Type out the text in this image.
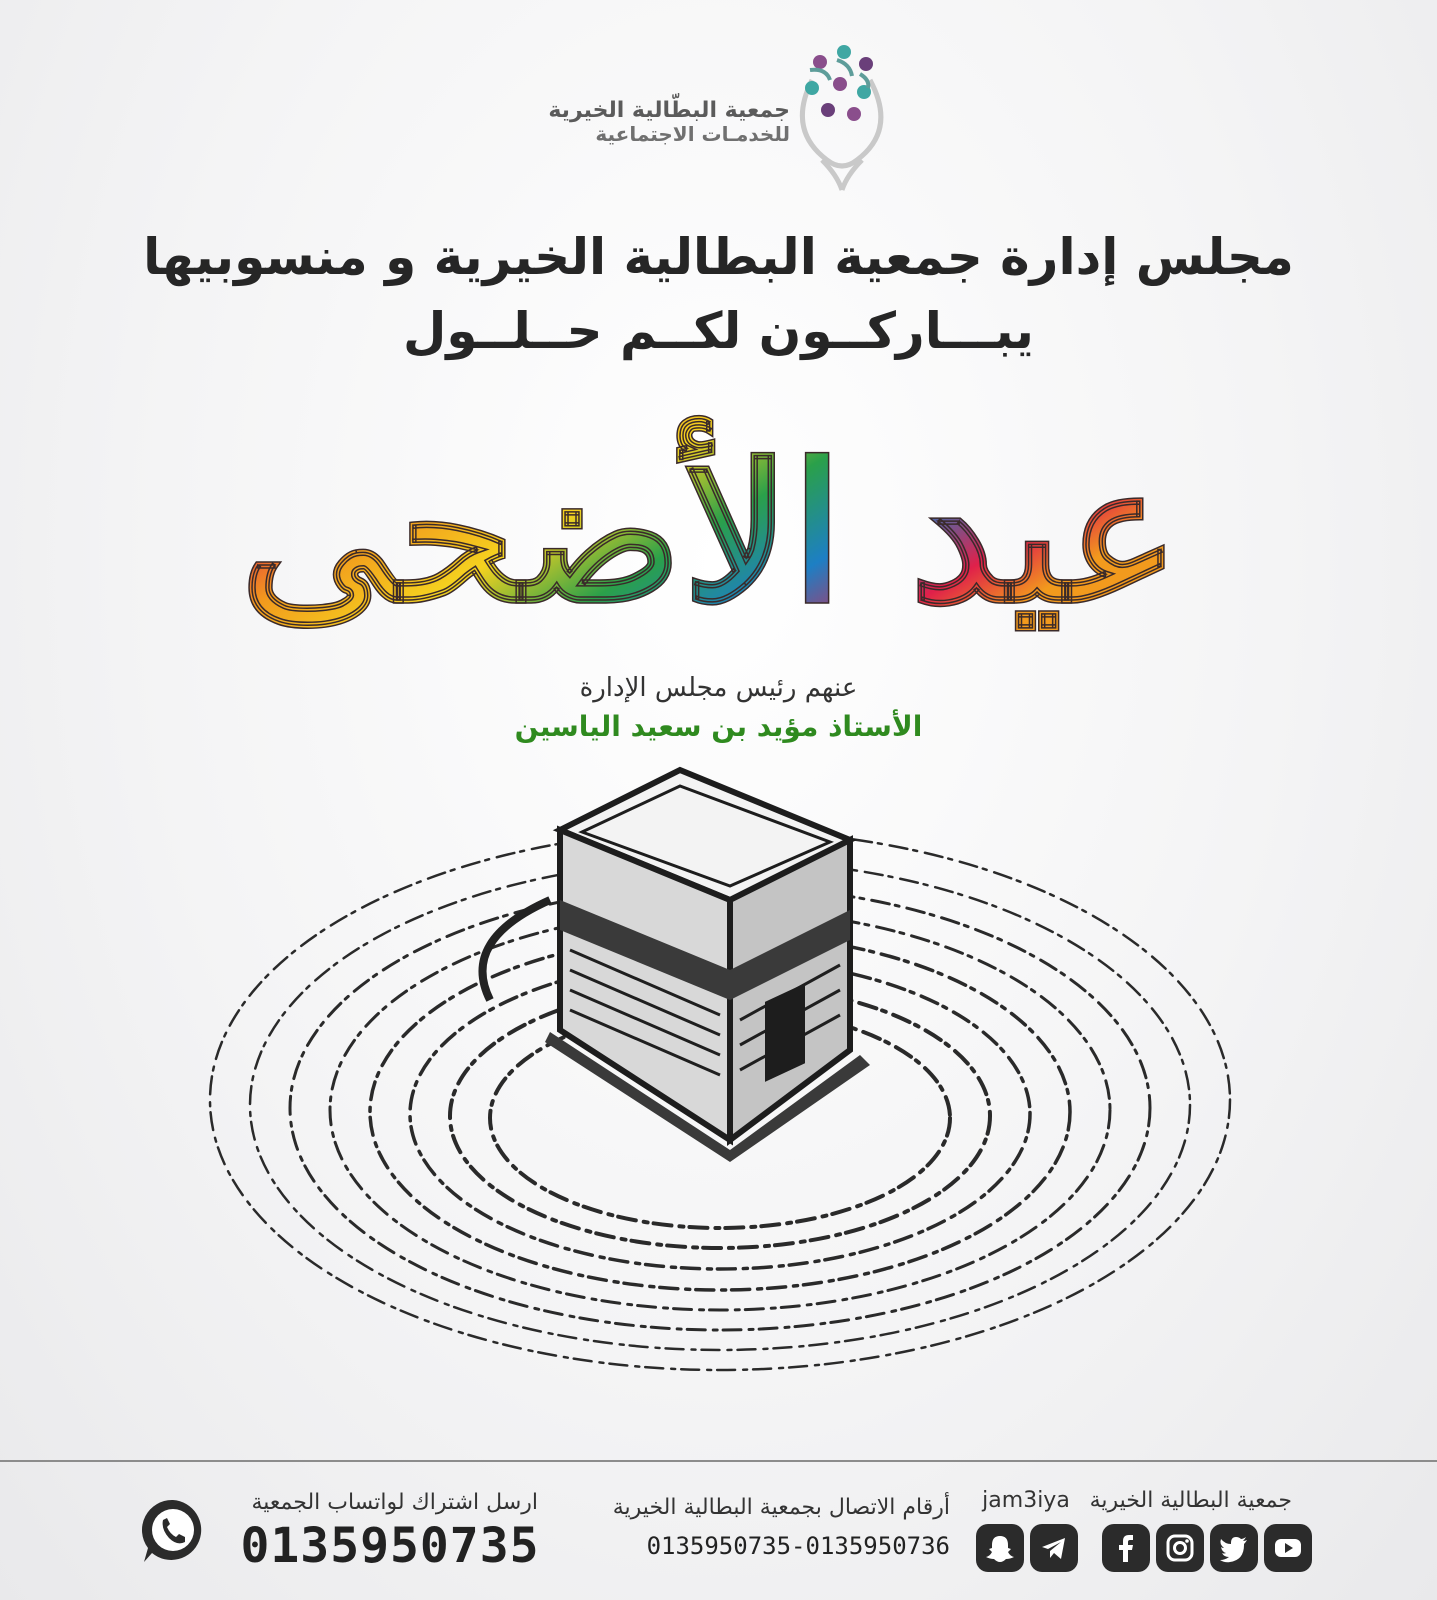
جمعية البطّالية الخيرية
للخدمـات الاجتماعية
مجلس إدارة جمعية البطالية الخيرية و منسوبيها
يبـــاركــون لكــم حــلــول
عيد الأضحى
عنهم رئيس مجلس الإدارة
الأستاذ مؤيد بن سعيد الياسين
ارسل اشتراك لواتساب الجمعية
0135950735
أرقام الاتصال بجمعية البطالية الخيرية
0135950735-0135950736
jam3iya جمعية البطالية الخيرية
